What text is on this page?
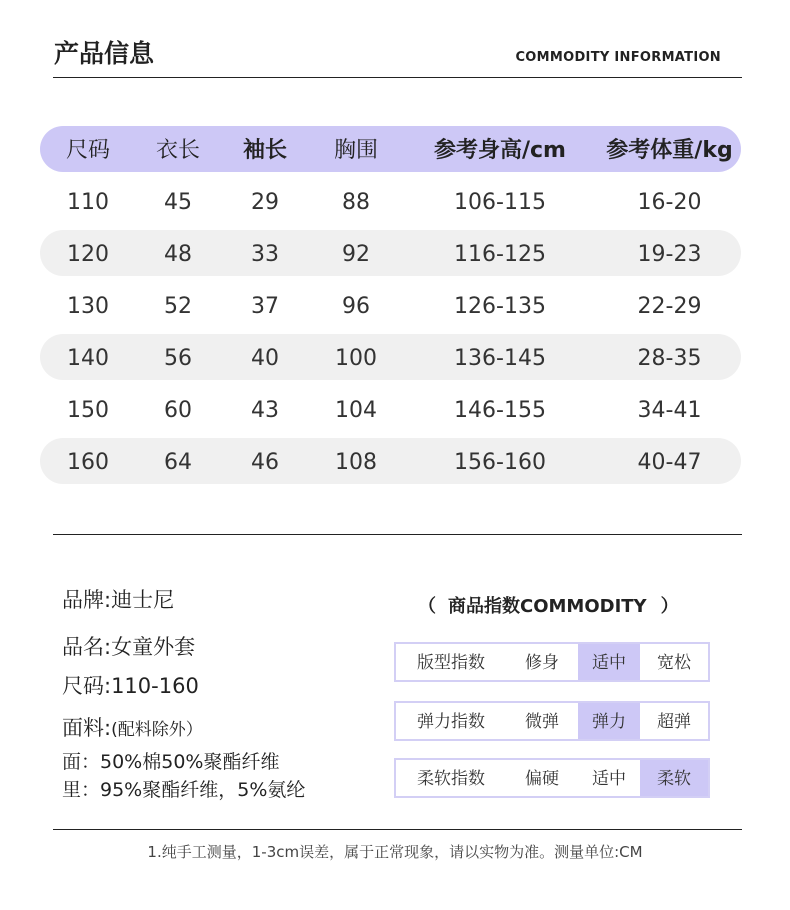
产品信息	COMMODITY INFORMATION
尺码	衣长	袖长	胸围	参考身高/cm	参考体重/kg
110	45	29	88	106-115	16-20
120	48	33	92	116-125	19-23
130	52	37	96	126-135	22-29
140	56	40	100	136-145	28-35
150	60	43	104	146-155	34-41
160	64	46	108	156-160	40-47
品牌:迪士尼
品名:女童外套
尺码:110-160
面料:(配料除外）
面：50%棉50%聚酯纤维
里：95%聚酯纤维，5%氨纶
（ 商品指数COMMODITY ）
版型指数	修身	适中	宽松
弹力指数	微弹	弹力	超弹
柔软指数	偏硬	适中	柔软
1.纯手工测量，1-3cm误差，属于正常现象，请以实物为准。测量单位:CM
